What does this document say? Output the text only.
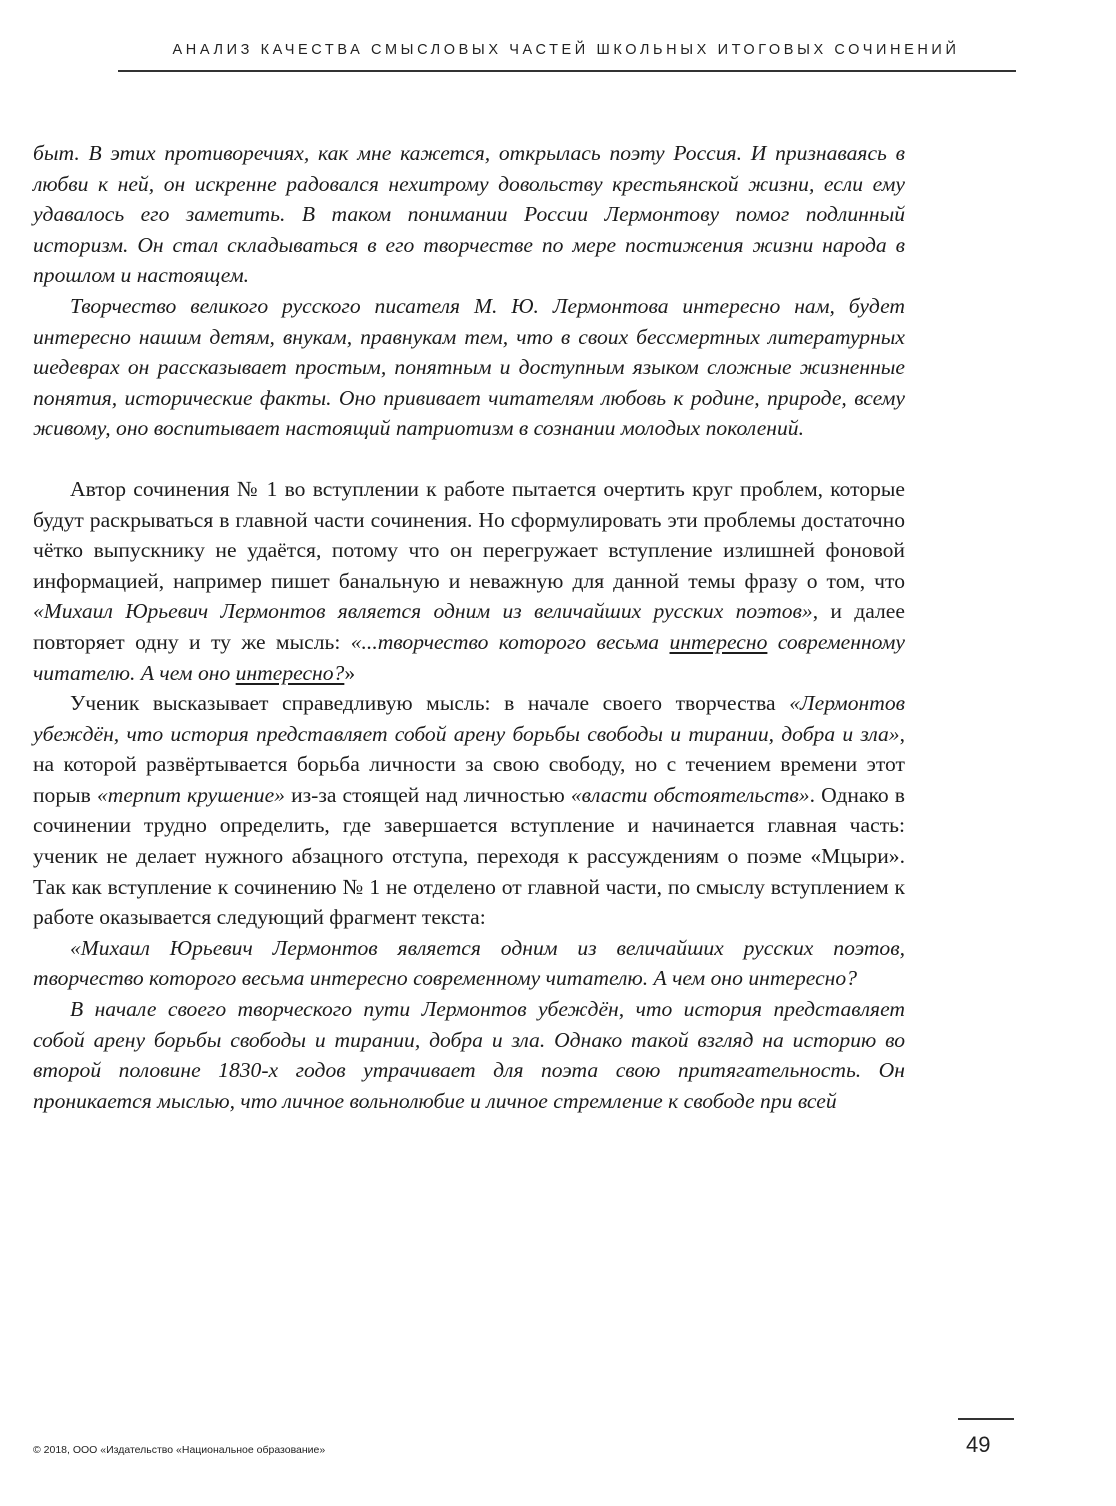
АНАЛИЗ КАЧЕСТВА СМЫСЛОВЫХ ЧАСТЕЙ ШКОЛЬНЫХ ИТОГОВЫХ СОЧИНЕНИЙ

быт. В этих противоречиях, как мне кажется, открылась поэту Россия. И признаваясь в любви к ней, он искренне радовался нехитрому довольству крестьянской жизни, если ему удавалось его заметить. В таком понимании России Лермонтову помог подлинный историзм. Он стал складываться в его творчестве по мере постижения жизни народа в прошлом и настоящем.

Творчество великого русского писателя М. Ю. Лермонтова интересно нам, будет интересно нашим детям, внукам, правнукам тем, что в своих бессмертных литературных шедеврах он рассказывает простым, понятным и доступным языком сложные жизненные понятия, исторические факты. Оно прививает читателям любовь к родине, природе, всему живому, оно воспитывает настоящий патриотизм в сознании молодых поколений.

Автор сочинения № 1 во вступлении к работе пытается очертить круг проблем, которые будут раскрываться в главной части сочинения. Но сформулировать эти проблемы достаточно чётко выпускнику не удаётся, потому что он перегружает вступление излишней фоновой информацией, например пишет банальную и неважную для данной темы фразу о том, что «Михаил Юрьевич Лермонтов является одним из величайших русских поэтов», и далее повторяет одну и ту же мысль: «...творчество которого весьма интересно современному читателю. А чем оно интересно?»

Ученик высказывает справедливую мысль: в начале своего творчества «Лермонтов убеждён, что история представляет собой арену борьбы свободы и тирании, добра и зла», на которой развёртывается борьба личности за свою свободу, но с течением времени этот порыв «терпит крушение» из-за стоящей над личностью «власти обстоятельств». Однако в сочинении трудно определить, где завершается вступление и начинается главная часть: ученик не делает нужного абзацного отступа, переходя к рассуждениям о поэме «Мцыри». Так как вступление к сочинению № 1 не отделено от главной части, по смыслу вступлением к работе оказывается следующий фрагмент текста:

«Михаил Юрьевич Лермонтов является одним из величайших русских поэтов, творчество которого весьма интересно современному читателю. А чем оно интересно?

В начале своего творческого пути Лермонтов убеждён, что история представляет собой арену борьбы свободы и тирании, добра и зла. Однако такой взгляд на историю во второй половине 1830-х годов утрачивает для поэта свою притягательность. Он проникается мыслью, что личное вольнолюбие и личное стремление к свободе при всей

© 2018, ООО «Издательство «Национальное образование»	49
